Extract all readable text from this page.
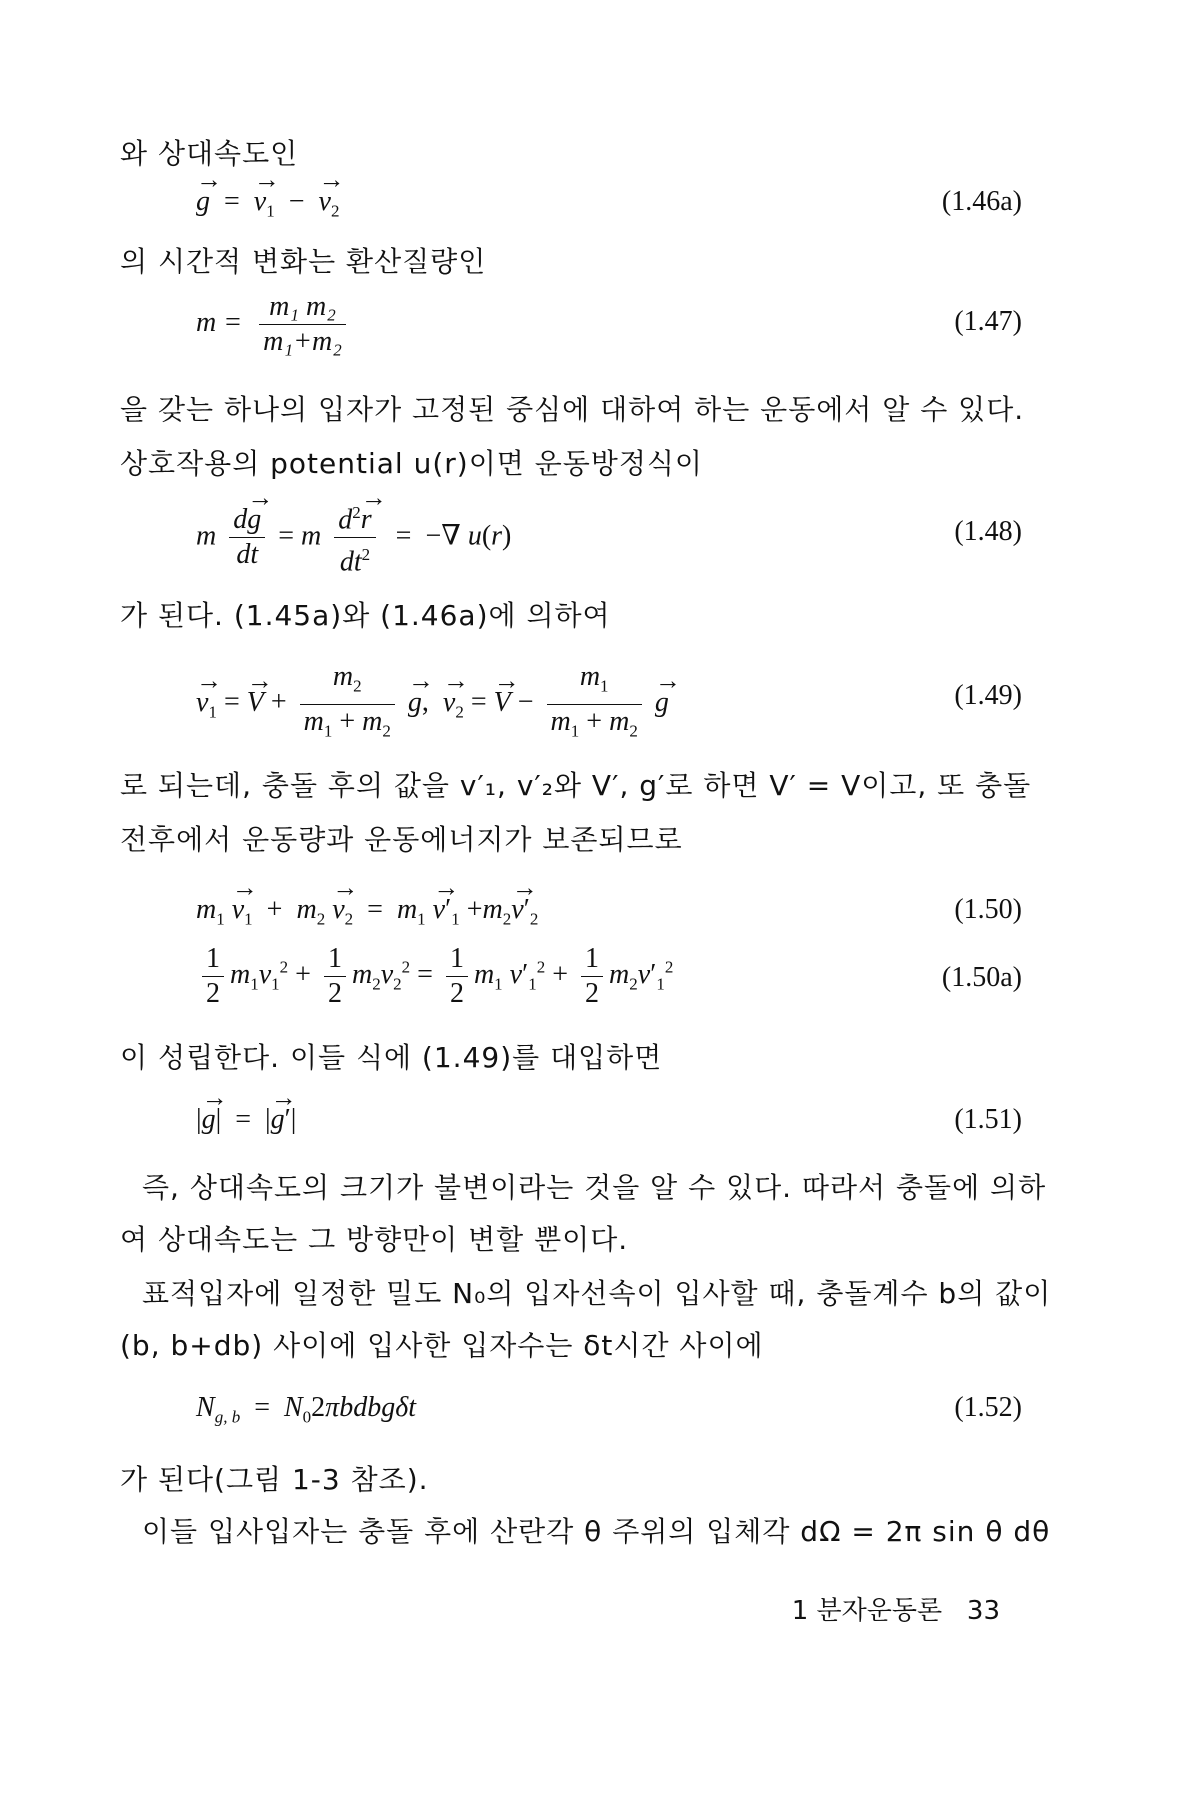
와 상대속도인
→ g  =  → $v_1$  −  → $v_2$	(1.46a)
의 시간적 변화는 환산질량인
$m = \frac{\text{m₁ m₂}}{\text{m₁+m₂}}$	(1.47)
을 갖는 하나의 입자가 고정된 중심에 대하여 하는 운동에서 알 수 있다.
상호작용의 potential u(r)이면 운동방정식이
m $\frac{d\to g}{dt} = m \frac{d^2\to r}{dt^2}$ =  −∇ u(r)	(1.48)
가 된다. (1.45a)와 (1.46a)에 의하여
→ $v_1$ = → $V + \frac{m_2}{m_1 + m_2}$
→ g,  → $v_2$ = → $V - \frac{m_1}{m_1 + m_2}$
→ g	(1.49)
로 되는데, 충돌 후의 값을 v′₁, v′₂와 V′, g′로 하면 V′ = V이고, 또 충돌
전후에서 운동량과 운동에너지가 보존되므로
$m_1 \to v_1 + m_2 \to v_2 = m_1 \to v'_1 +m_2\to v'_2$	(1.50)
$\frac{1}{2} m_1v_1^2 + \frac{1}{2} m_2v_2^2 = \frac{1}{2} m_1$ $v'_1^2 + \frac{1}{2} m_2v'_1^2$	(1.50a)
이 성립한다. 이들 식에 (1.49)를 대입하면
|→ g|  =  |→ g′|	(1.51)
즉, 상대속도의 크기가 불변이라는 것을 알 수 있다. 따라서 충돌에 의하
여 상대속도는 그 방향만이 변할 뿐이다.
표적입자에 일정한 밀도 N₀의 입자선속이 입사할 때, 충돌계수 b의 값이
(b, b+db) 사이에 입사한 입자수는 δt시간 사이에
$N_{g, b}$  =  $N_02\pi bdbg\delta t$	(1.52)
가 된다(그림 1-3 참조).
이들 입사입자는 충돌 후에 산란각 θ 주위의 입체각 dΩ = 2π sin θ dθ
1 분자운동론 33
